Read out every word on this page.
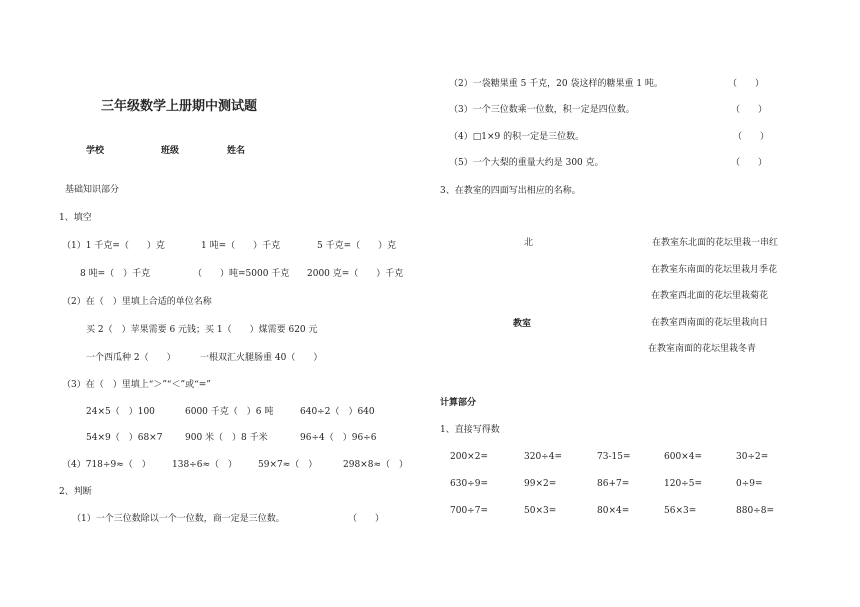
三年级数学上册期中测试题
学校	班级	姓名
基础知识部分
1、填空
（1）1 千克=（　　）克	1 吨=（　　）千克	5 千克=（　　）克
8 吨=（　）千克	（　　）吨=5000 千克 2000 克=（　　）千克
（2）在（　）里填上合适的单位名称
买 2（　）苹果需要 6 元钱；买 1（　　）煤需要 620 元
一个西瓜种 2（　　）	一根双汇火腿肠重 40（　　）
（3）在（　）里填上“＞”“＜”或“=”
24×5（　）100	6000 千克（　）6 吨	640÷2（　）640
54×9（　）68×7	900 米（　）8 千米	96÷4（　）96÷6
（4）718÷9≈（　） 138÷6≈（　） 59×7≈（　）	298×8≈（　）
2、判断
（1）一个三位数除以一个一位数，商一定是三位数。	（　　）
（2）一袋糖果重 5 千克，20 袋这样的糖果重 1 吨。	（　　）
（3）一个三位数乘一位数，积一定是四位数。	（　　）
（4）□1×9 的积一定是三位数。	（　　）
（5）一个大梨的重量大约是 300 克。	（　　）
3、在教室的四面写出相应的名称。
北
教室
在教室东北面的花坛里栽一串红
在教室东南面的花坛里栽月季花
在教室西北面的花坛里栽菊花
在教室西南面的花坛里栽向日
在教室南面的花坛里栽冬青
计算部分
1、直接写得数
200×2=	320÷4=	73-15=	600×4=	30÷2=
630÷9=	99×2=	86+7=	120÷5=	0÷9=
700÷7=	50×3=	80×4=	56×3=	880÷8=
